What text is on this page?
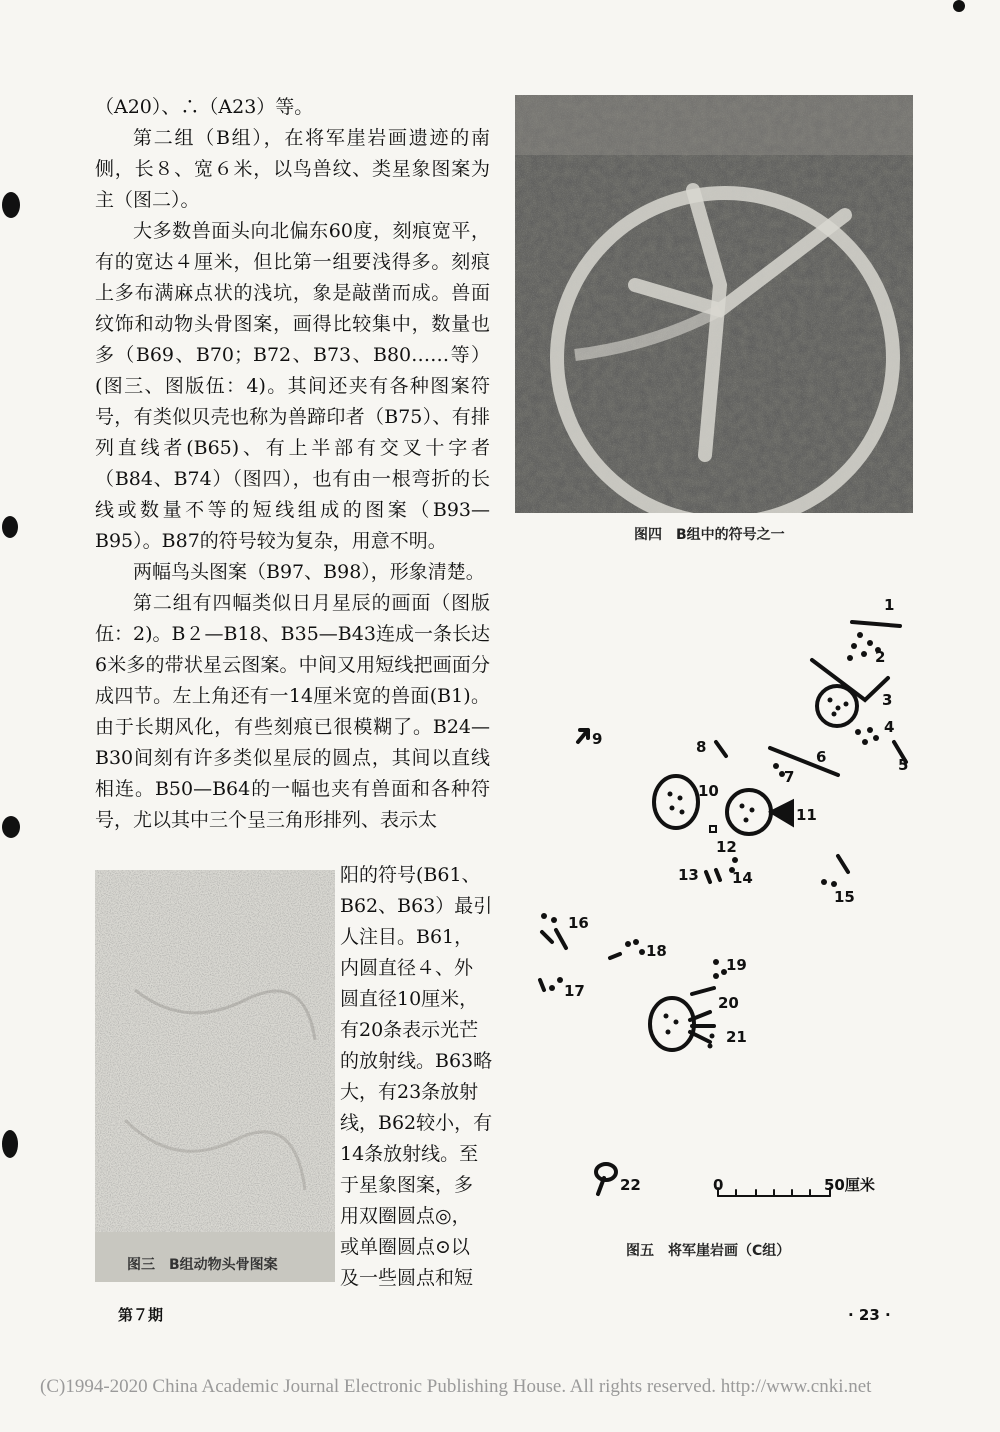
（A20）、∴（A23）等。

第二组（B组），在将军崖岩画遗迹的南侧，长８、宽６米，以鸟兽纹、类星象图案为主（图二）。

大多数兽面头向北偏东60度，刻痕宽平，有的宽达４厘米，但比第一组要浅得多。刻痕上多布满麻点状的浅坑，象是敲凿而成。兽面纹饰和动物头骨图案，画得比较集中，数量也多（B69、B70；B72、B73、B80……等）(图三、图版伍：4)。其间还夹有各种图案符号，有类似贝壳也称为兽蹄印者（B75）、有排列直线者(B65)、有上半部有交叉十字者（B84、B74）（图四），也有由一根弯折的长线或数量不等的短线组成的图案（B93—B95）。B87的符号较为复杂，用意不明。

两幅鸟头图案（B97、B98），形象清楚。

第二组有四幅类似日月星辰的画面（图版伍：2)。B２—B18、B35—B43连成一条长达6米多的带状星云图案。中间又用短线把画面分成四节。左上角还有一14厘米宽的兽面(B1)。由于长期风化，有些刻痕已很模糊了。B24—B30间刻有许多类似星辰的圆点，其间以直线相连。B50—B64的一幅也夹有兽面和各种符号，尤以其中三个呈三角形排列、表示太

图三　B组动物头骨图案
阳的符号(B61、
B62、B63）最引
人注目。B61，
内圆直径４、外
圆直径10厘米，
有20条表示光芒
的放射线。B63略
大，有23条放射
线，B62较小，有
14条放射线。至
于星象图案，多
用双圈圆点◎，
或单圈圆点⊙以
及一些圆点和短
图四　B组中的符号之一
1
2
3
4
5
6
7
8
9
10
11
12
13 14
15
16
17
18
19
20
21
22	0	50厘米
图五　将军崖岩画（C组）
第７期	· 23 ·
(C)1994-2020 China Academic Journal Electronic Publishing House. All rights reserved. http://www.cnki.net
